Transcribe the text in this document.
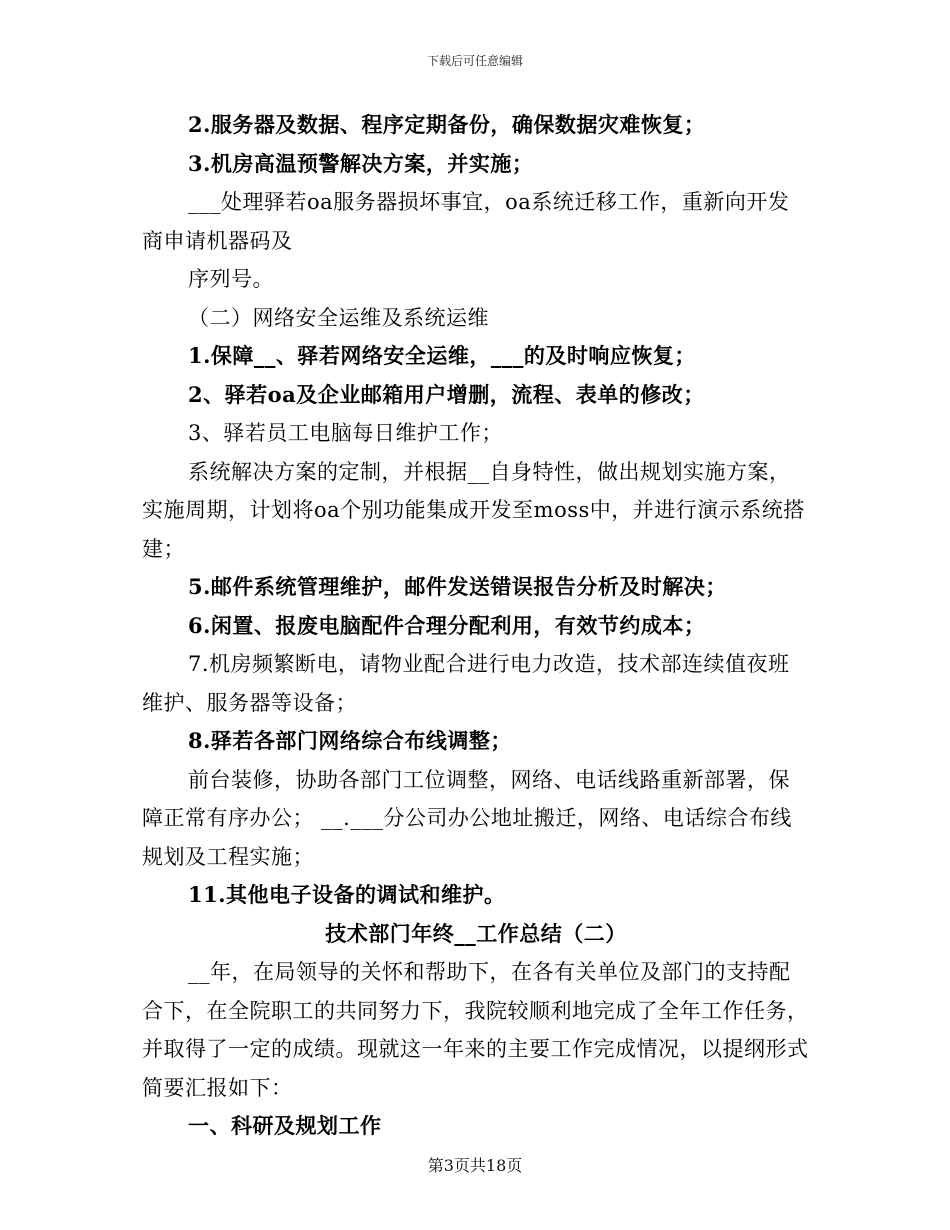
下载后可任意编辑

2.服务器及数据、程序定期备份，确保数据灾难恢复；

3.机房高温预警解决方案，并实施；

___处理驿若oa服务器损坏事宜，oa系统迁移工作，重新向开发商申请机器码及

序列号。

（二）网络安全运维及系统运维

1.保障__、驿若网络安全运维，___的及时响应恢复；

2、驿若oa及企业邮箱用户增删，流程、表单的修改；

3、驿若员工电脑每日维护工作；

系统解决方案的定制，并根据__自身特性，做出规划实施方案，实施周期，计划将oa个别功能集成开发至moss中，并进行演示系统搭建；

5.邮件系统管理维护，邮件发送错误报告分析及时解决；

6.闲置、报废电脑配件合理分配利用，有效节约成本；

7.机房频繁断电，请物业配合进行电力改造，技术部连续值夜班维护、服务器等设备；

8.驿若各部门网络综合布线调整；

前台装修，协助各部门工位调整，网络、电话线路重新部署，保障正常有序办公； __.___分公司办公地址搬迁，网络、电话综合布线规划及工程实施；

11.其他电子设备的调试和维护。

技术部门年终__工作总结（二）

__年，在局领导的关怀和帮助下，在各有关单位及部门的支持配合下，在全院职工的共同努力下，我院较顺利地完成了全年工作任务，并取得了一定的成绩。现就这一年来的主要工作完成情况，以提纲形式简要汇报如下：

一、科研及规划工作

第3页共18页
